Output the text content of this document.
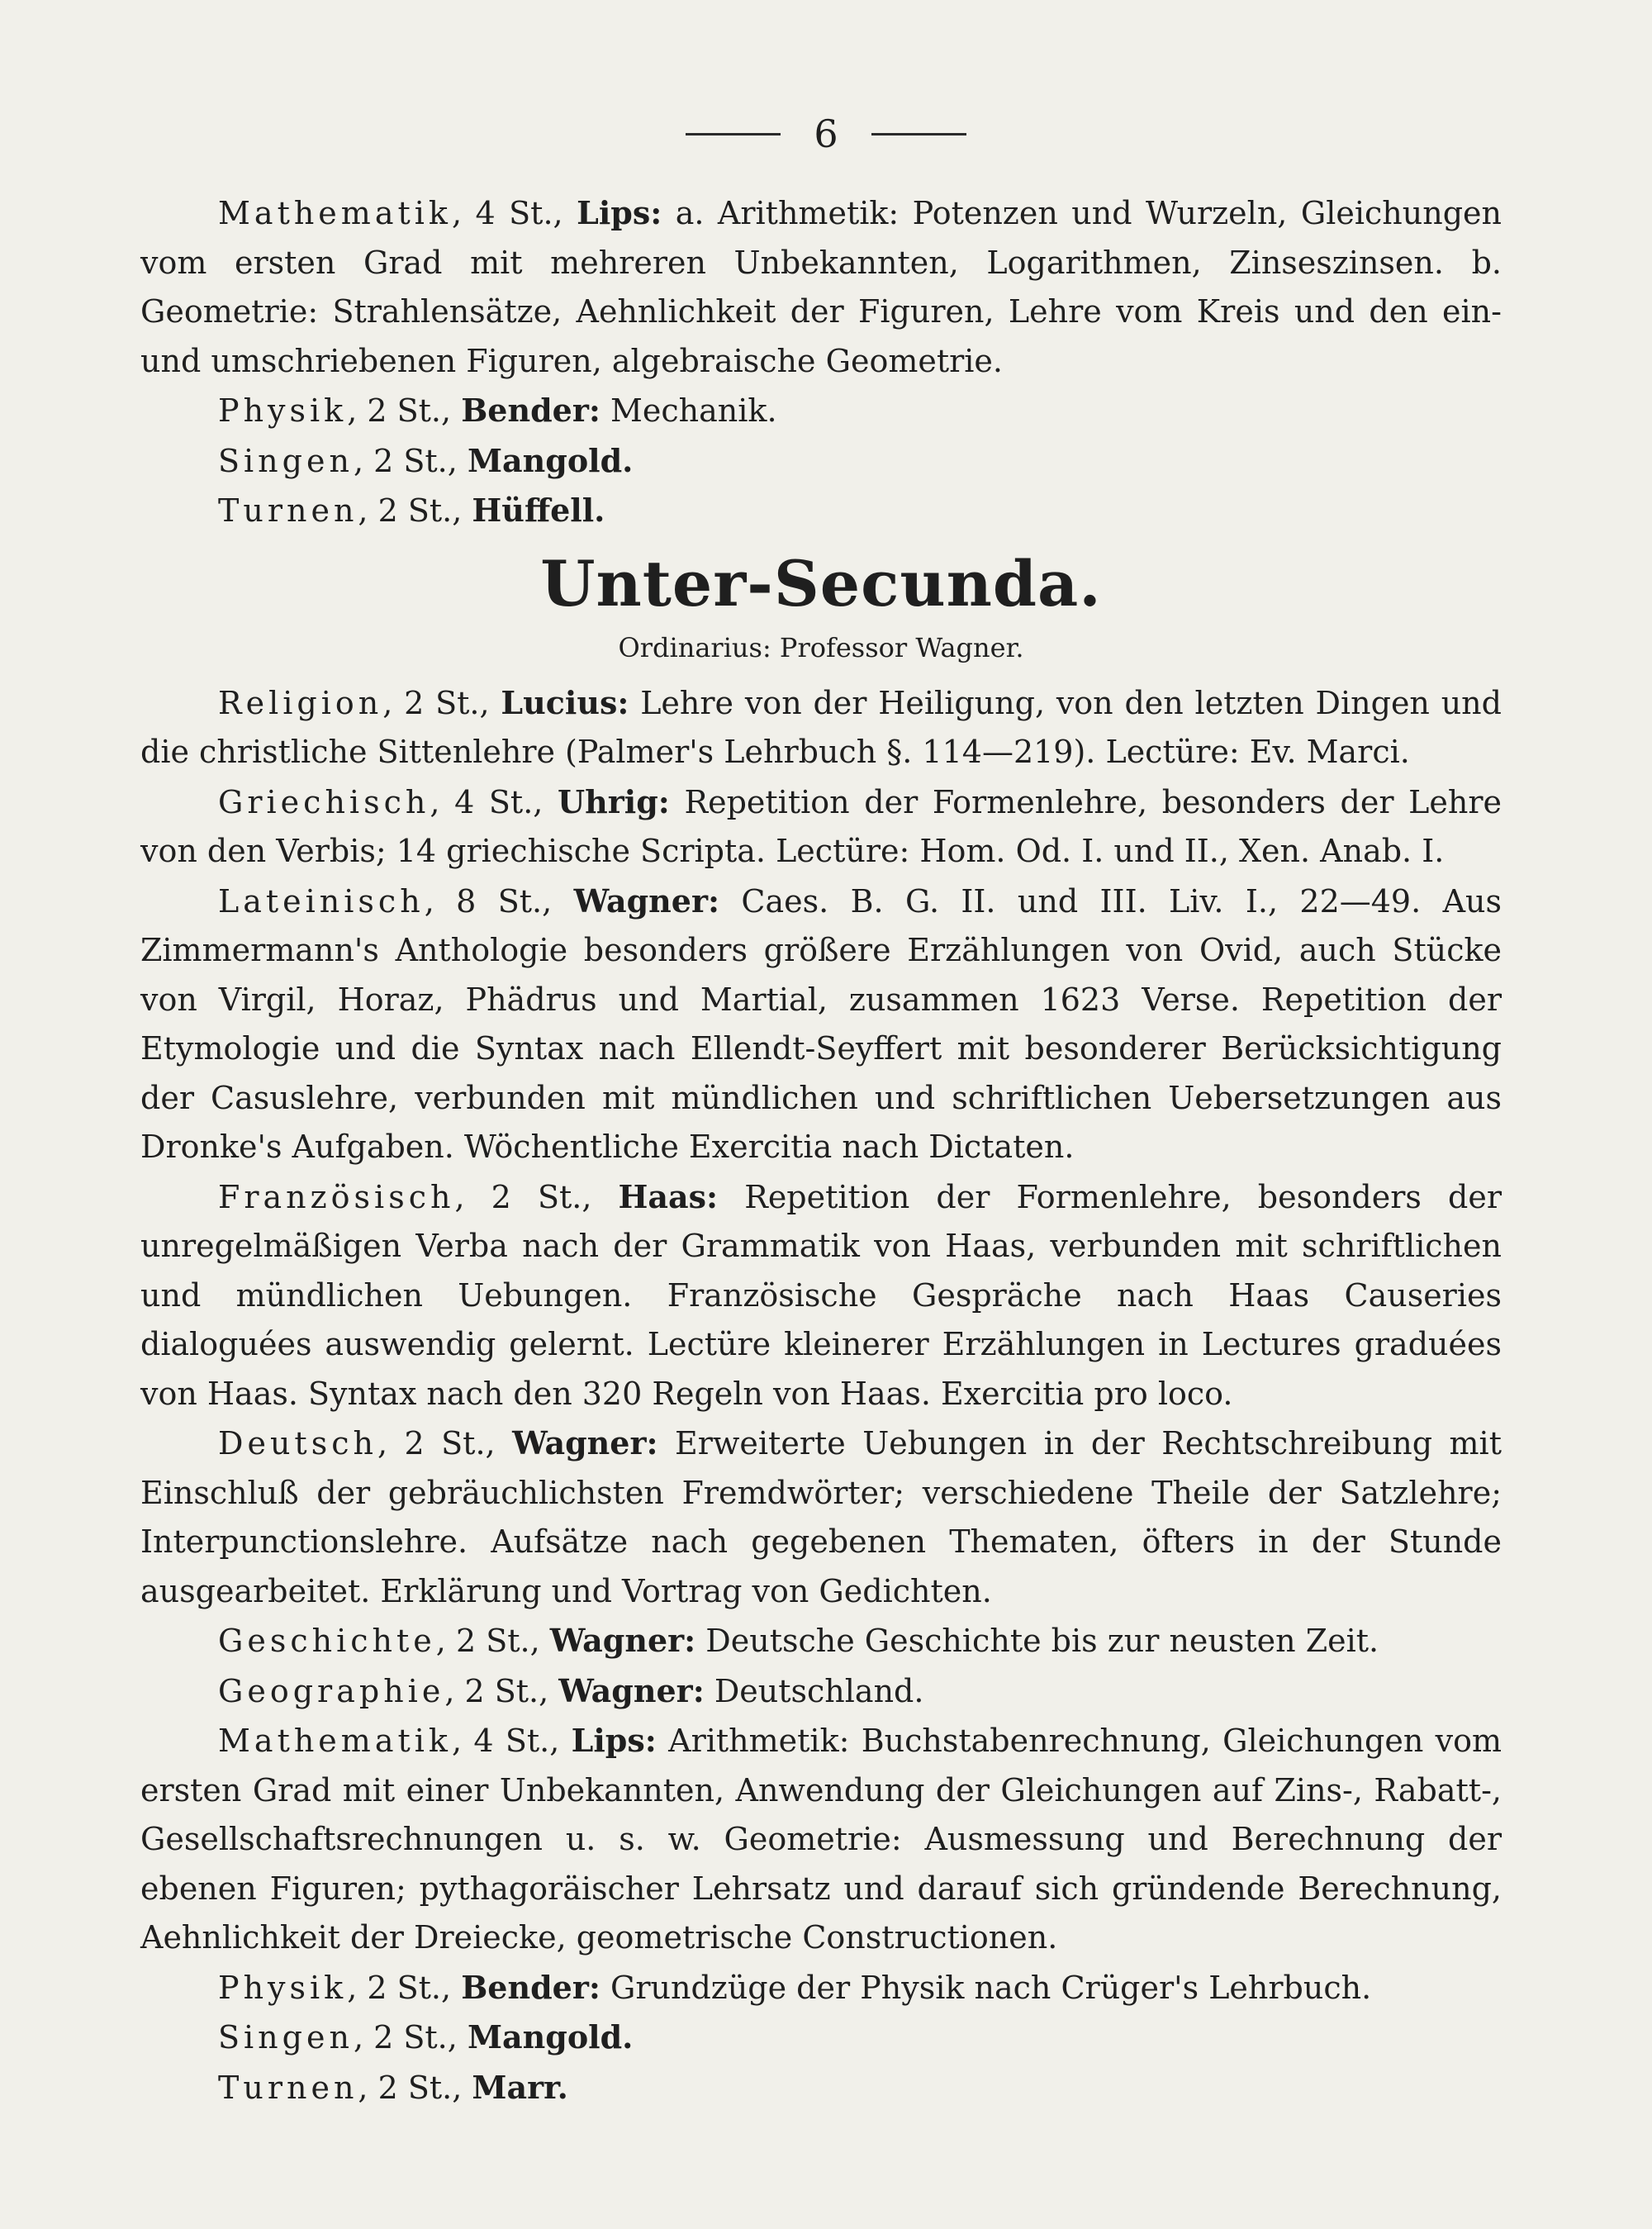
6

Mathematik, 4 St., Lips: a. Arithmetik: Potenzen und Wurzeln, Gleichungen vom ersten Grad mit mehreren Unbekannten, Logarithmen, Zinseszinsen. b. Geometrie: Strahlensätze, Aehnlichkeit der Figuren, Lehre vom Kreis und den ein- und umschriebenen Figuren, algebraische Geometrie.

Physik, 2 St., Bender: Mechanik.

Singen, 2 St., Mangold.

Turnen, 2 St., Hüffell.

Unter-Secunda.

Ordinarius: Professor Wagner.

Religion, 2 St., Lucius: Lehre von der Heiligung, von den letzten Dingen und die christliche Sittenlehre (Palmer's Lehrbuch §. 114—219). Lectüre: Ev. Marci.

Griechisch, 4 St., Uhrig: Repetition der Formenlehre, besonders der Lehre von den Verbis; 14 griechische Scripta. Lectüre: Hom. Od. I. und II., Xen. Anab. I.

Lateinisch, 8 St., Wagner: Caes. B. G. II. und III. Liv. I., 22—49. Aus Zimmermann's Anthologie besonders größere Erzählungen von Ovid, auch Stücke von Virgil, Horaz, Phädrus und Martial, zusammen 1623 Verse. Repetition der Etymologie und die Syntax nach Ellendt-Seyffert mit besonderer Berücksichtigung der Casuslehre, verbunden mit mündlichen und schriftlichen Uebersetzungen aus Dronke's Aufgaben. Wöchentliche Exercitia nach Dictaten.

Französisch, 2 St., Haas: Repetition der Formenlehre, besonders der unregelmäßigen Verba nach der Grammatik von Haas, verbunden mit schriftlichen und mündlichen Uebungen. Französische Gespräche nach Haas Causeries dialoguées auswendig gelernt. Lectüre kleinerer Erzählungen in Lectures graduées von Haas. Syntax nach den 320 Regeln von Haas. Exercitia pro loco.

Deutsch, 2 St., Wagner: Erweiterte Uebungen in der Rechtschreibung mit Einschluß der gebräuchlichsten Fremdwörter; verschiedene Theile der Satzlehre; Interpunctionslehre. Aufsätze nach gegebenen Thematen, öfters in der Stunde ausgearbeitet. Erklärung und Vortrag von Gedichten.

Geschichte, 2 St., Wagner: Deutsche Geschichte bis zur neusten Zeit.

Geographie, 2 St., Wagner: Deutschland.

Mathematik, 4 St., Lips: Arithmetik: Buchstabenrechnung, Gleichungen vom ersten Grad mit einer Unbekannten, Anwendung der Gleichungen auf Zins-, Rabatt-, Gesellschaftsrechnungen u. s. w. Geometrie: Ausmessung und Berechnung der ebenen Figuren; pythagoräischer Lehrsatz und darauf sich gründende Berechnung, Aehnlichkeit der Dreiecke, geometrische Constructionen.

Physik, 2 St., Bender: Grundzüge der Physik nach Crüger's Lehrbuch.

Singen, 2 St., Mangold.

Turnen, 2 St., Marr.
